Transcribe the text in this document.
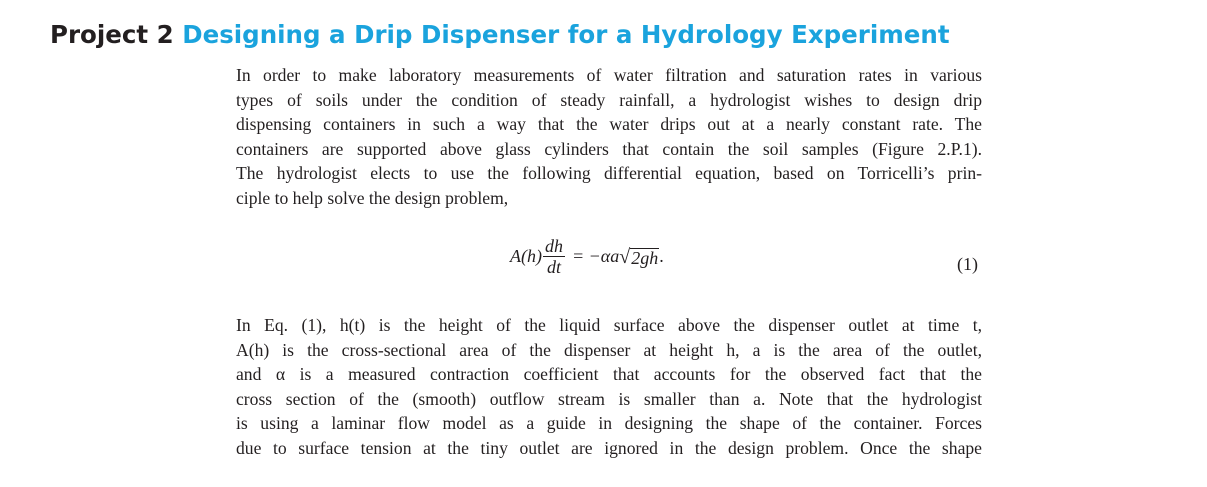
Project 2 Designing a Drip Dispenser for a Hydrology Experiment
In order to make laboratory measurements of water filtration and saturation rates in various
types of soils under the condition of steady rainfall, a hydrologist wishes to design drip
dispensing containers in such a way that the water drips out at a nearly constant rate. The
containers are supported above glass cylinders that contain the soil samples (Figure 2.P.1).
The hydrologist elects to use the following differential equation, based on Torricelli’s prin-
ciple to help solve the design problem,
$A(h) \frac{dh}{dt} = -\alpha a$ √ 2gh .	(1)
In Eq. (1), h(t) is the height of the liquid surface above the dispenser outlet at time t,
A(h) is the cross-sectional area of the dispenser at height h, a is the area of the outlet,
and α is a measured contraction coefficient that accounts for the observed fact that the
cross section of the (smooth) outflow stream is smaller than a. Note that the hydrologist
is using a laminar flow model as a guide in designing the shape of the container. Forces
due to surface tension at the tiny outlet are ignored in the design problem. Once the shape
